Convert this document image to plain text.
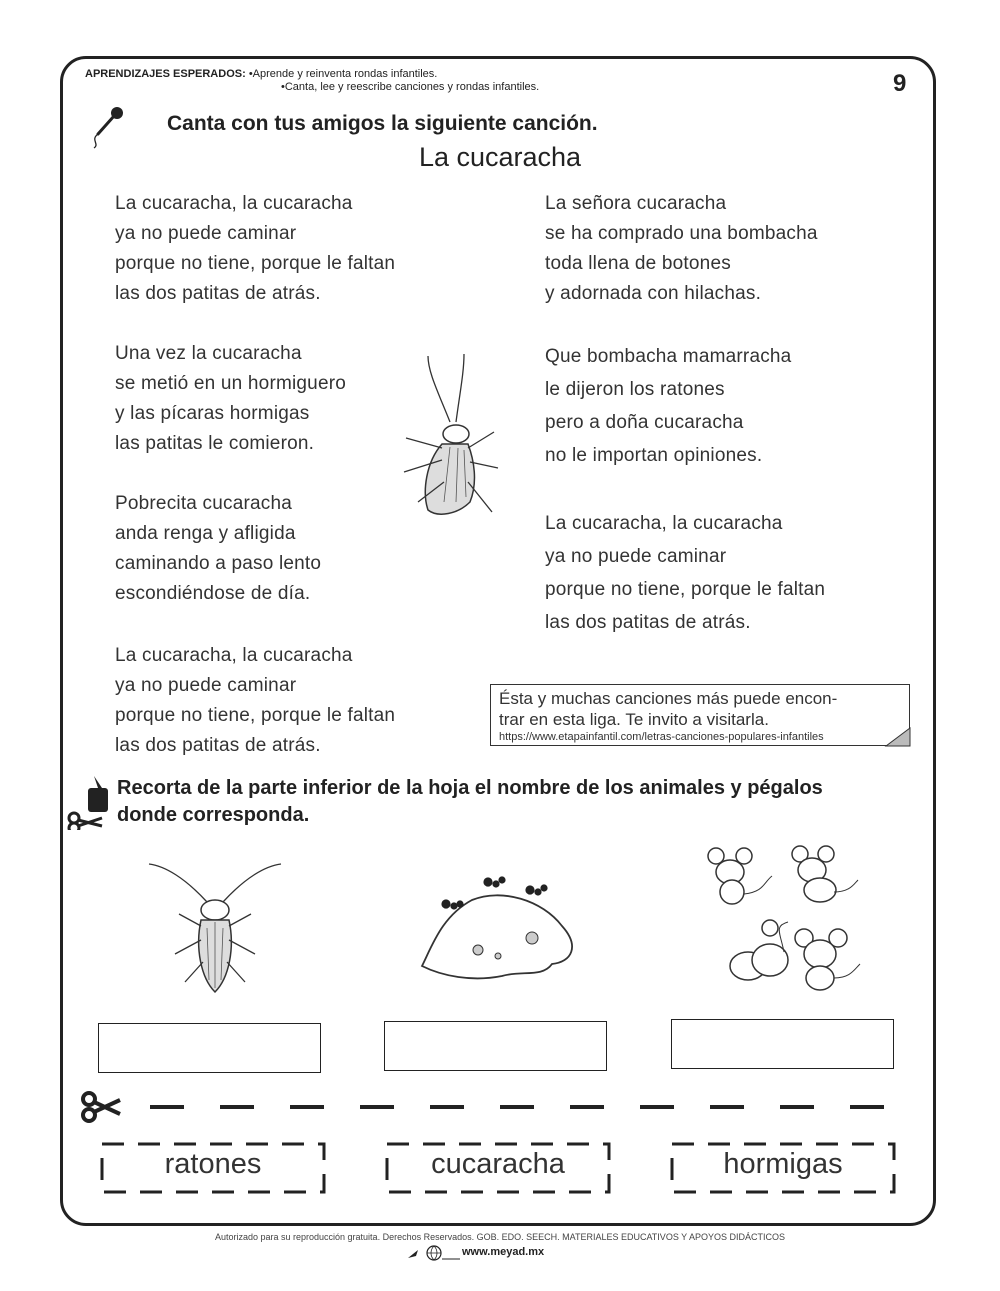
APRENDIZAJES ESPERADOS: •Aprende y reinventa rondas infantiles.
•Canta, lee y reescribe canciones y rondas infantiles.	9
Canta con tus amigos la siguiente canción.
La cucaracha
La cucaracha, la cucaracha
ya no puede caminar
porque no tiene, porque le faltan
las dos patitas de atrás.
Una vez la cucaracha
se metió en un hormiguero
y las pícaras hormigas
las patitas le comieron.
Pobrecita cucaracha
anda renga y afligida
caminando a paso lento
escondiéndose de día.
La cucaracha, la cucaracha
ya no puede caminar
porque no tiene, porque le faltan
las dos patitas de atrás.
La señora cucaracha
se ha comprado una bombacha
toda llena de botones
y adornada con hilachas.
Que bombacha mamarracha
le dijeron los ratones
pero a doña cucaracha
no le importan opiniones.
La cucaracha, la cucaracha
ya no puede caminar
porque no tiene, porque le faltan
las dos patitas de atrás.
Ésta y muchas canciones más puede encon-
trar en esta liga. Te invito a visitarla.
https://www.etapainfantil.com/letras-canciones-populares-infantiles
Recorta de la parte inferior de la hoja el nombre de los animales y pégalos
donde corresponda.
ratones	cucaracha	hormigas
Autorizado para su reproducción gratuita. Derechos Reservados. GOB. EDO. SEECH. MATERIALES EDUCATIVOS Y APOYOS DIDÁCTICOS
www.meyad.mx
